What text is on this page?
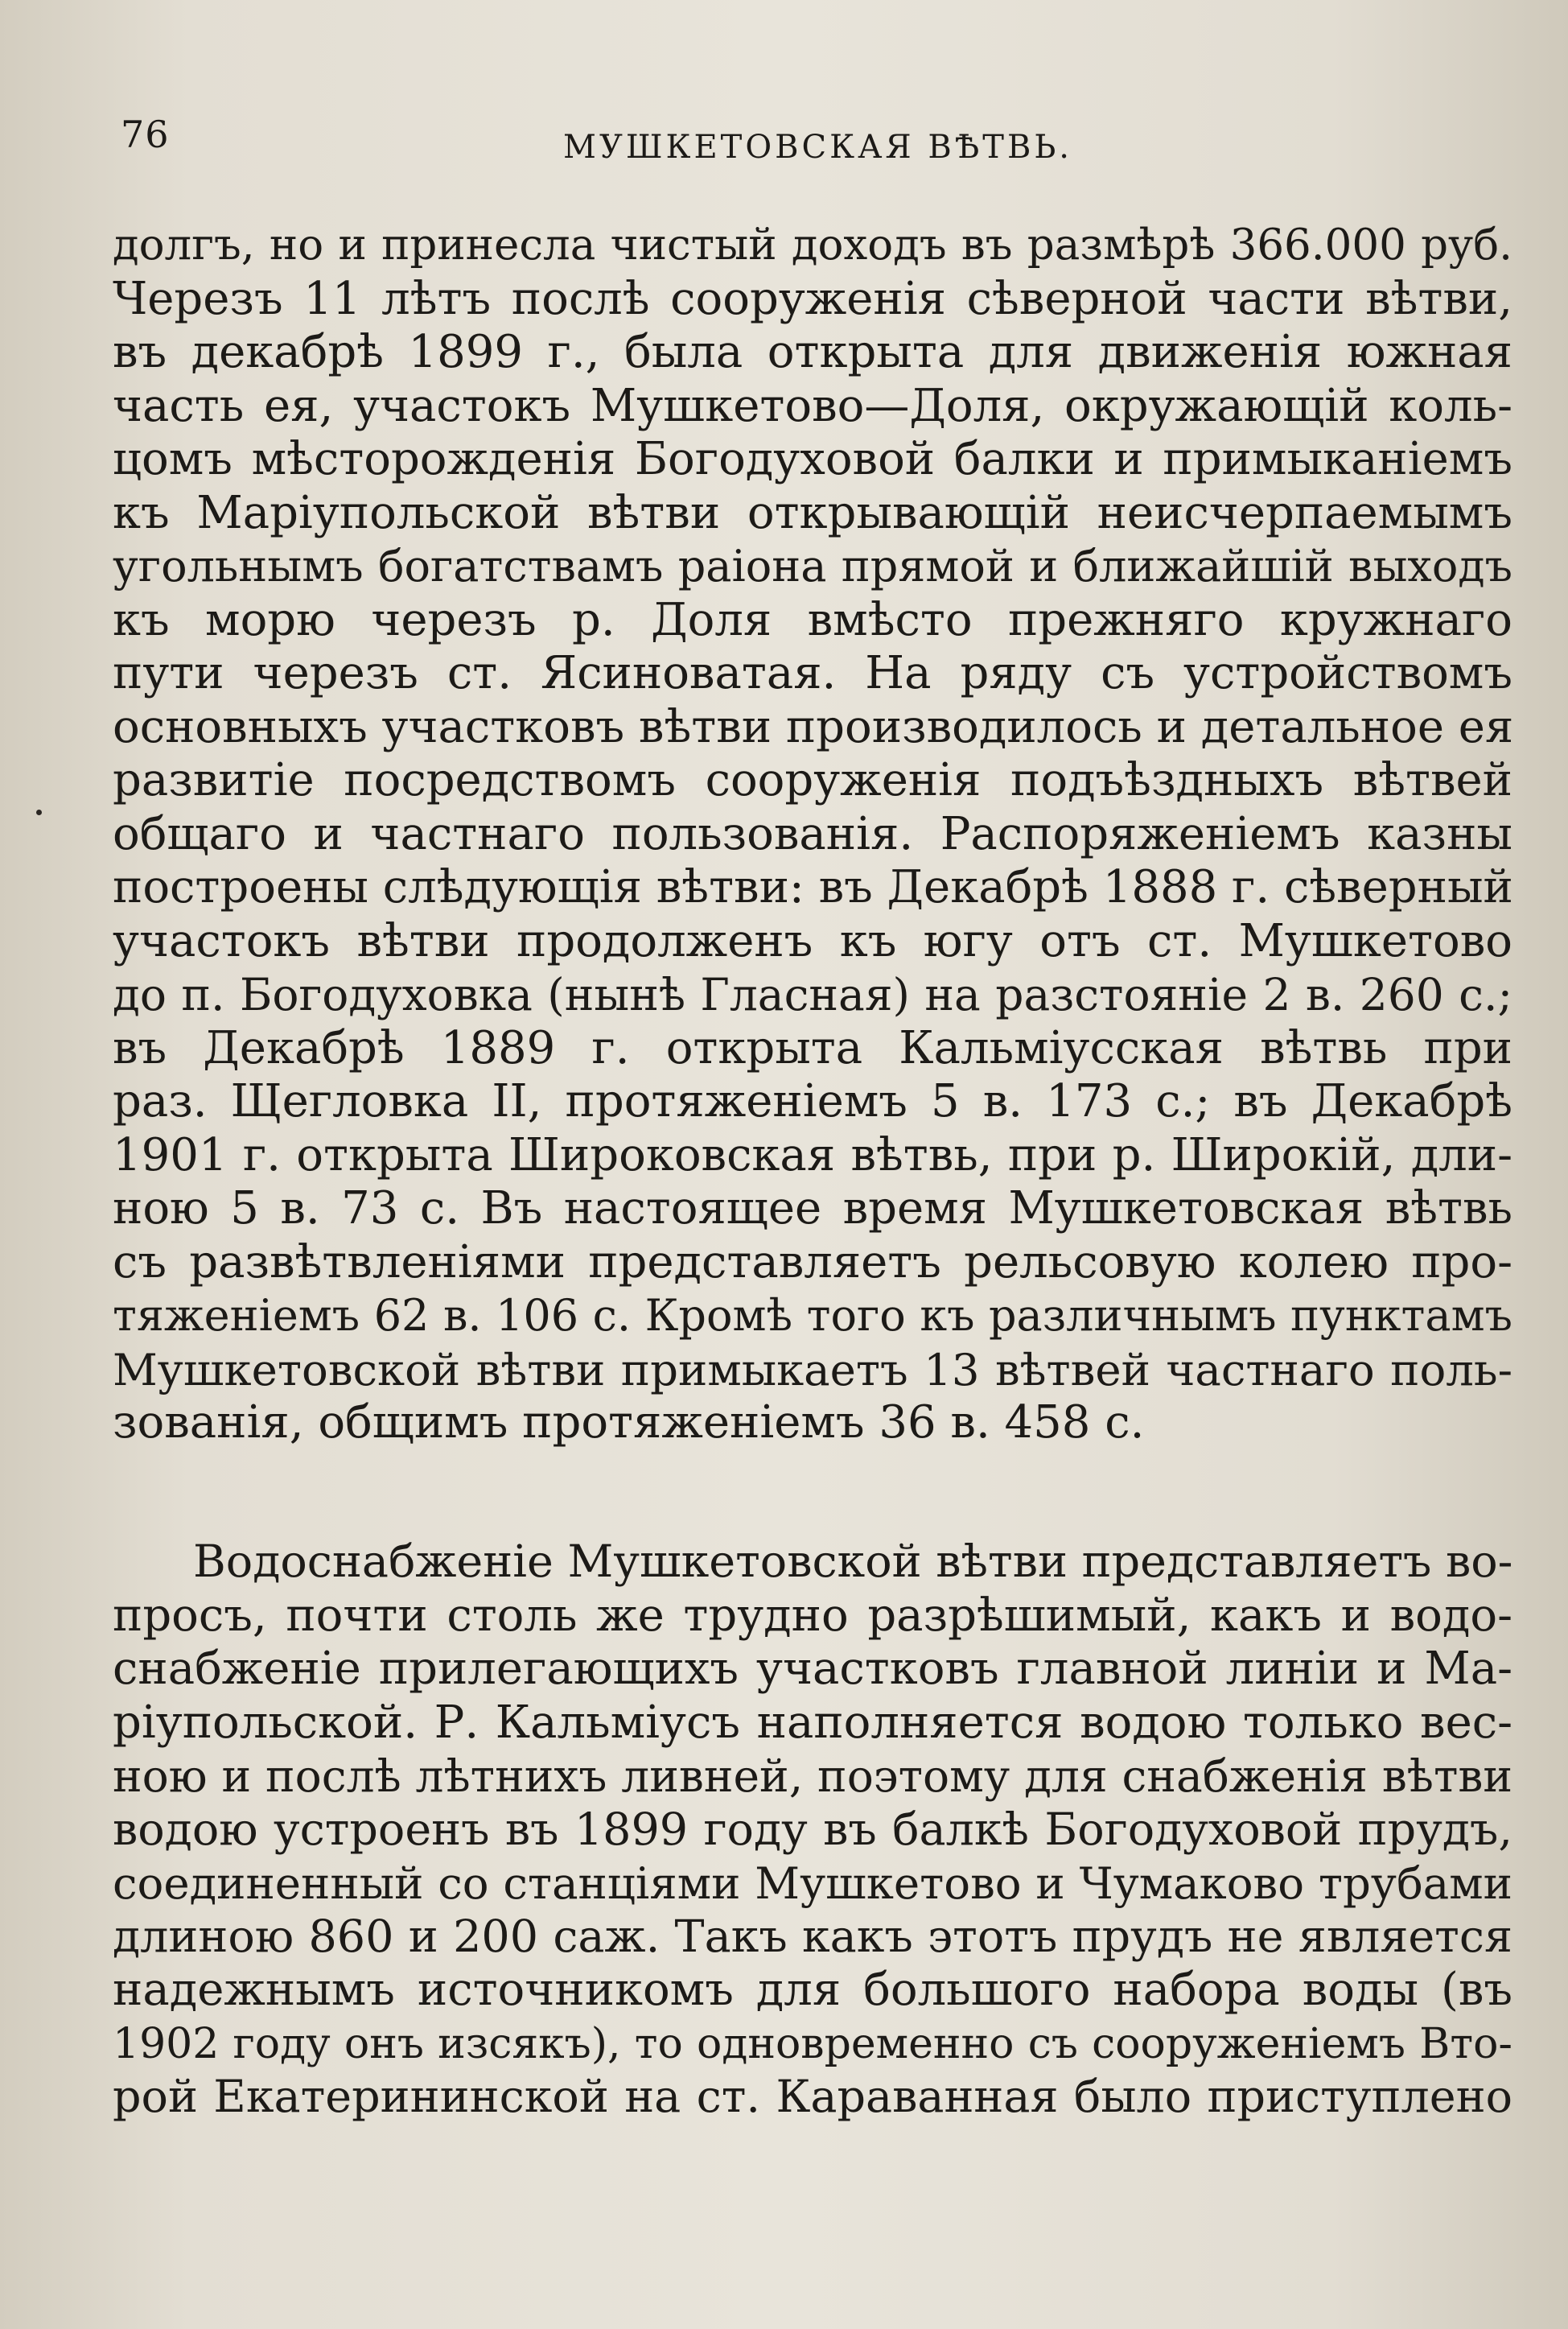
76	МУШКЕТОВСКАЯ ВѢТВЬ.
долгъ, но и принесла чистый доходъ въ размѣрѣ 366.000 руб.
Черезъ 11 лѣтъ послѣ сооруженія сѣверной части вѣтви,
въ декабрѣ 1899 г., была открыта для движенія южная
часть ея, участокъ Мушкетово—Доля, окружающій коль-
цомъ мѣсторожденія Богодуховой балки и примыканіемъ
къ Маріупольской вѣтви открывающій неисчерпаемымъ
угольнымъ богатствамъ раіона прямой и ближайшій выходъ
къ морю черезъ р. Доля вмѣсто прежняго кружнаго
пути черезъ ст. Ясиноватая. На ряду съ устройствомъ
основныхъ участковъ вѣтви производилось и детальное ея
развитіе посредствомъ сооруженія подъѣздныхъ вѣтвей
общаго и частнаго пользованія. Распоряженіемъ казны
построены слѣдующія вѣтви: въ Декабрѣ 1888 г. сѣверный
участокъ вѣтви продолженъ къ югу отъ ст. Мушкетово
до п. Богодуховка (нынѣ Гласная) на разстояніе 2 в. 260 с.;
въ Декабрѣ 1889 г. открыта Кальміусская вѣтвь при
раз. Щегловка II, протяженіемъ 5 в. 173 с.; въ Декабрѣ
1901 г. открыта Широковская вѣтвь, при р. Широкій, дли-
ною 5 в. 73 с. Въ настоящее время Мушкетовская вѣтвь
съ развѣтвленіями представляетъ рельсовую колею про-
тяженіемъ 62 в. 106 с. Кромѣ того къ различнымъ пунктамъ
Мушкетовской вѣтви примыкаетъ 13 вѣтвей частнаго поль-
зованія, общимъ протяженіемъ 36 в. 458 с.
Водоснабженіе Мушкетовской вѣтви представляетъ во-
просъ, почти столь же трудно разрѣшимый, какъ и водо-
снабженіе прилегающихъ участковъ главной линіи и Ма-
ріупольской. Р. Кальміусъ наполняется водою только вес-
ною и послѣ лѣтнихъ ливней, поэтому для снабженія вѣтви
водою устроенъ въ 1899 году въ балкѣ Богодуховой прудъ,
соединенный со станціями Мушкетово и Чумаково трубами
длиною 860 и 200 саж. Такъ какъ этотъ прудъ не является
надежнымъ источникомъ для большого набора воды (въ
1902 году онъ изсякъ), то одновременно съ сооруженіемъ Вто-
рой Екатерининской на ст. Караванная было приступлено
